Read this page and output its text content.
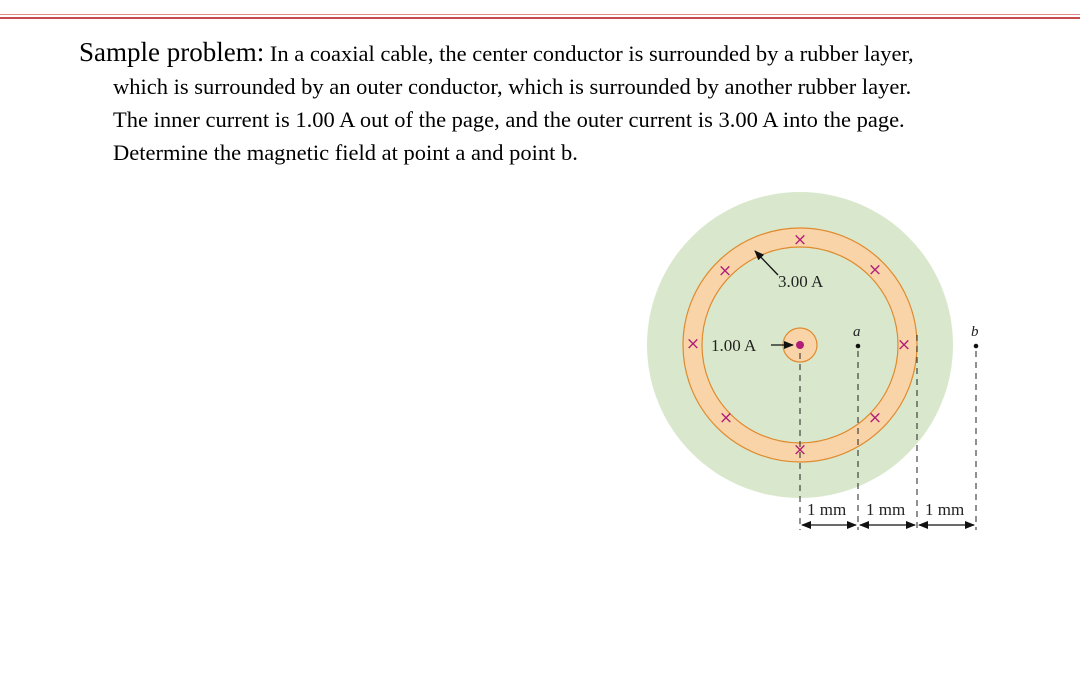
Sample problem: In a coaxial cable, the center conductor is surrounded by a rubber layer,
which is surrounded by an outer conductor, which is surrounded by another rubber layer.
The inner current is 1.00 A out of the page, and the outer current is 3.00 A into the page.
Determine the magnetic field at point a and point b.
×
×	×
×	×
×	×
×
3.00 A
1.00 A
a	b
1 mm 1 mm 1 mm
